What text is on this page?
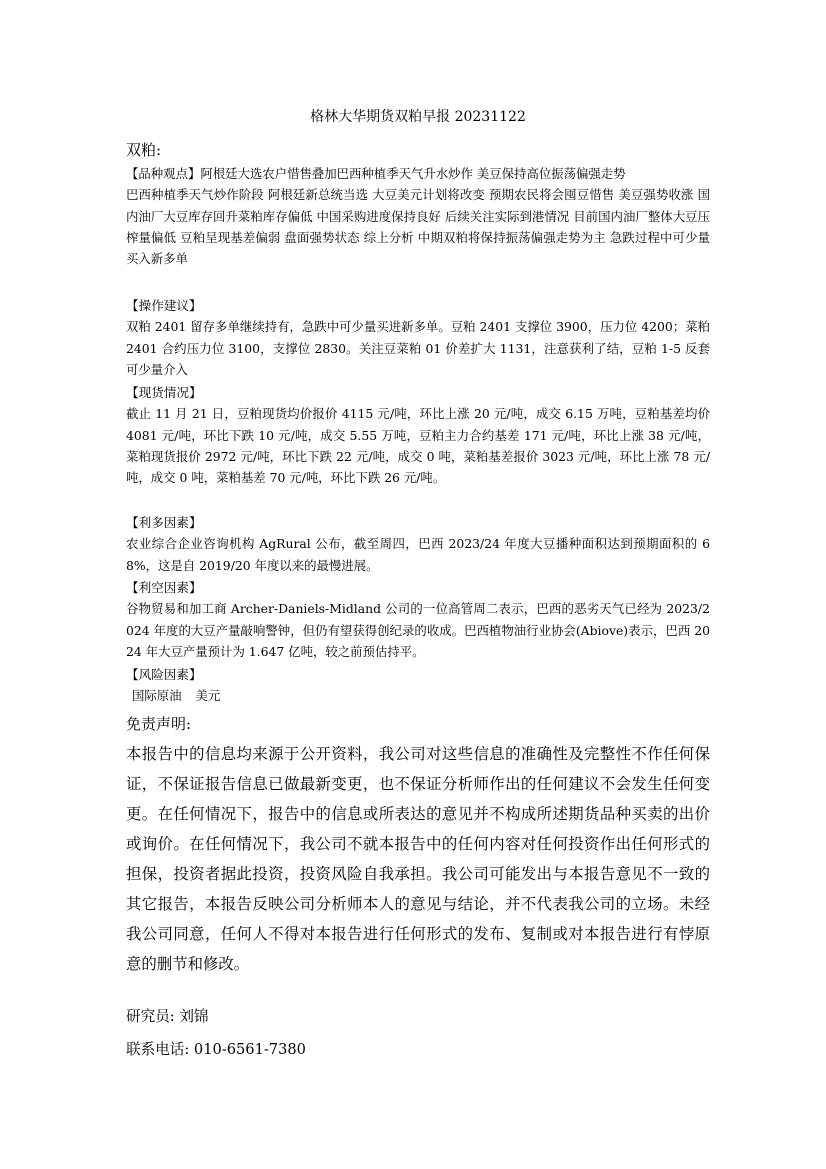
格林大华期货双粕早报 20231122
双粕:
【品种观点】阿根廷大选农户惜售叠加巴西种植季天气升水炒作 美豆保持高位振荡偏强走势
巴西种植季天气炒作阶段 阿根廷新总统当选 大豆美元计划将改变 预期农民将会囤豆惜售 美豆强势收涨 国内油厂大豆库存回升菜粕库存偏低 中国采购进度保持良好 后续关注实际到港情况 目前国内油厂整体大豆压榨量偏低 豆粕呈现基差偏弱 盘面强势状态 综上分析 中期双粕将保持振荡偏强走势为主 急跌过程中可少量买入新多单
【操作建议】
双粕 2401 留存多单继续持有，急跌中可少量买进新多单。豆粕 2401 支撑位 3900，压力位 4200；菜粕 2401 合约压力位 3100，支撑位 2830。关注豆菜粕 01 价差扩大 1131，注意获利了结，豆粕 1-5 反套可少量介入
【现货情况】
截止 11 月 21 日，豆粕现货均价报价 4115 元/吨，环比上涨 20 元/吨，成交 6.15 万吨，豆粕基差均价 4081 元/吨，环比下跌 10 元/吨，成交 5.55 万吨，豆粕主力合约基差 171 元/吨，环比上涨 38 元/吨，菜粕现货报价 2972 元/吨，环比下跌 22 元/吨，成交 0 吨，菜粕基差报价 3023 元/吨，环比上涨 78 元/吨，成交 0 吨，菜粕基差 70 元/吨，环比下跌 26 元/吨。
【利多因素】
农业综合企业咨询机构 AgRural 公布，截至周四，巴西 2023/24 年度大豆播种面积达到预期面积的 68%，这是自 2019/20 年度以来的最慢进展。
【利空因素】
谷物贸易和加工商 Archer-Daniels-Midland 公司的一位高管周二表示，巴西的恶劣天气已经为 2023/2024 年度的大豆产量敲响警钟，但仍有望获得创纪录的收成。巴西植物油行业协会(Abiove)表示，巴西 2024 年大豆产量预计为 1.647 亿吨，较之前预估持平。
【风险因素】
国际原油 美元
免责声明:
本报告中的信息均来源于公开资料，我公司对这些信息的准确性及完整性不作任何保证，不保证报告信息已做最新变更，也不保证分析师作出的任何建议不会发生任何变更。在任何情况下，报告中的信息或所表达的意见并不构成所述期货品种买卖的出价或询价。在任何情况下，我公司不就本报告中的任何内容对任何投资作出任何形式的担保，投资者据此投资，投资风险自我承担。我公司可能发出与本报告意见不一致的其它报告，本报告反映公司分析师本人的意见与结论，并不代表我公司的立场。未经我公司同意，任何人不得对本报告进行任何形式的发布、复制或对本报告进行有悖原意的删节和修改。
研究员: 刘锦
联系电话: 010-6561-7380
